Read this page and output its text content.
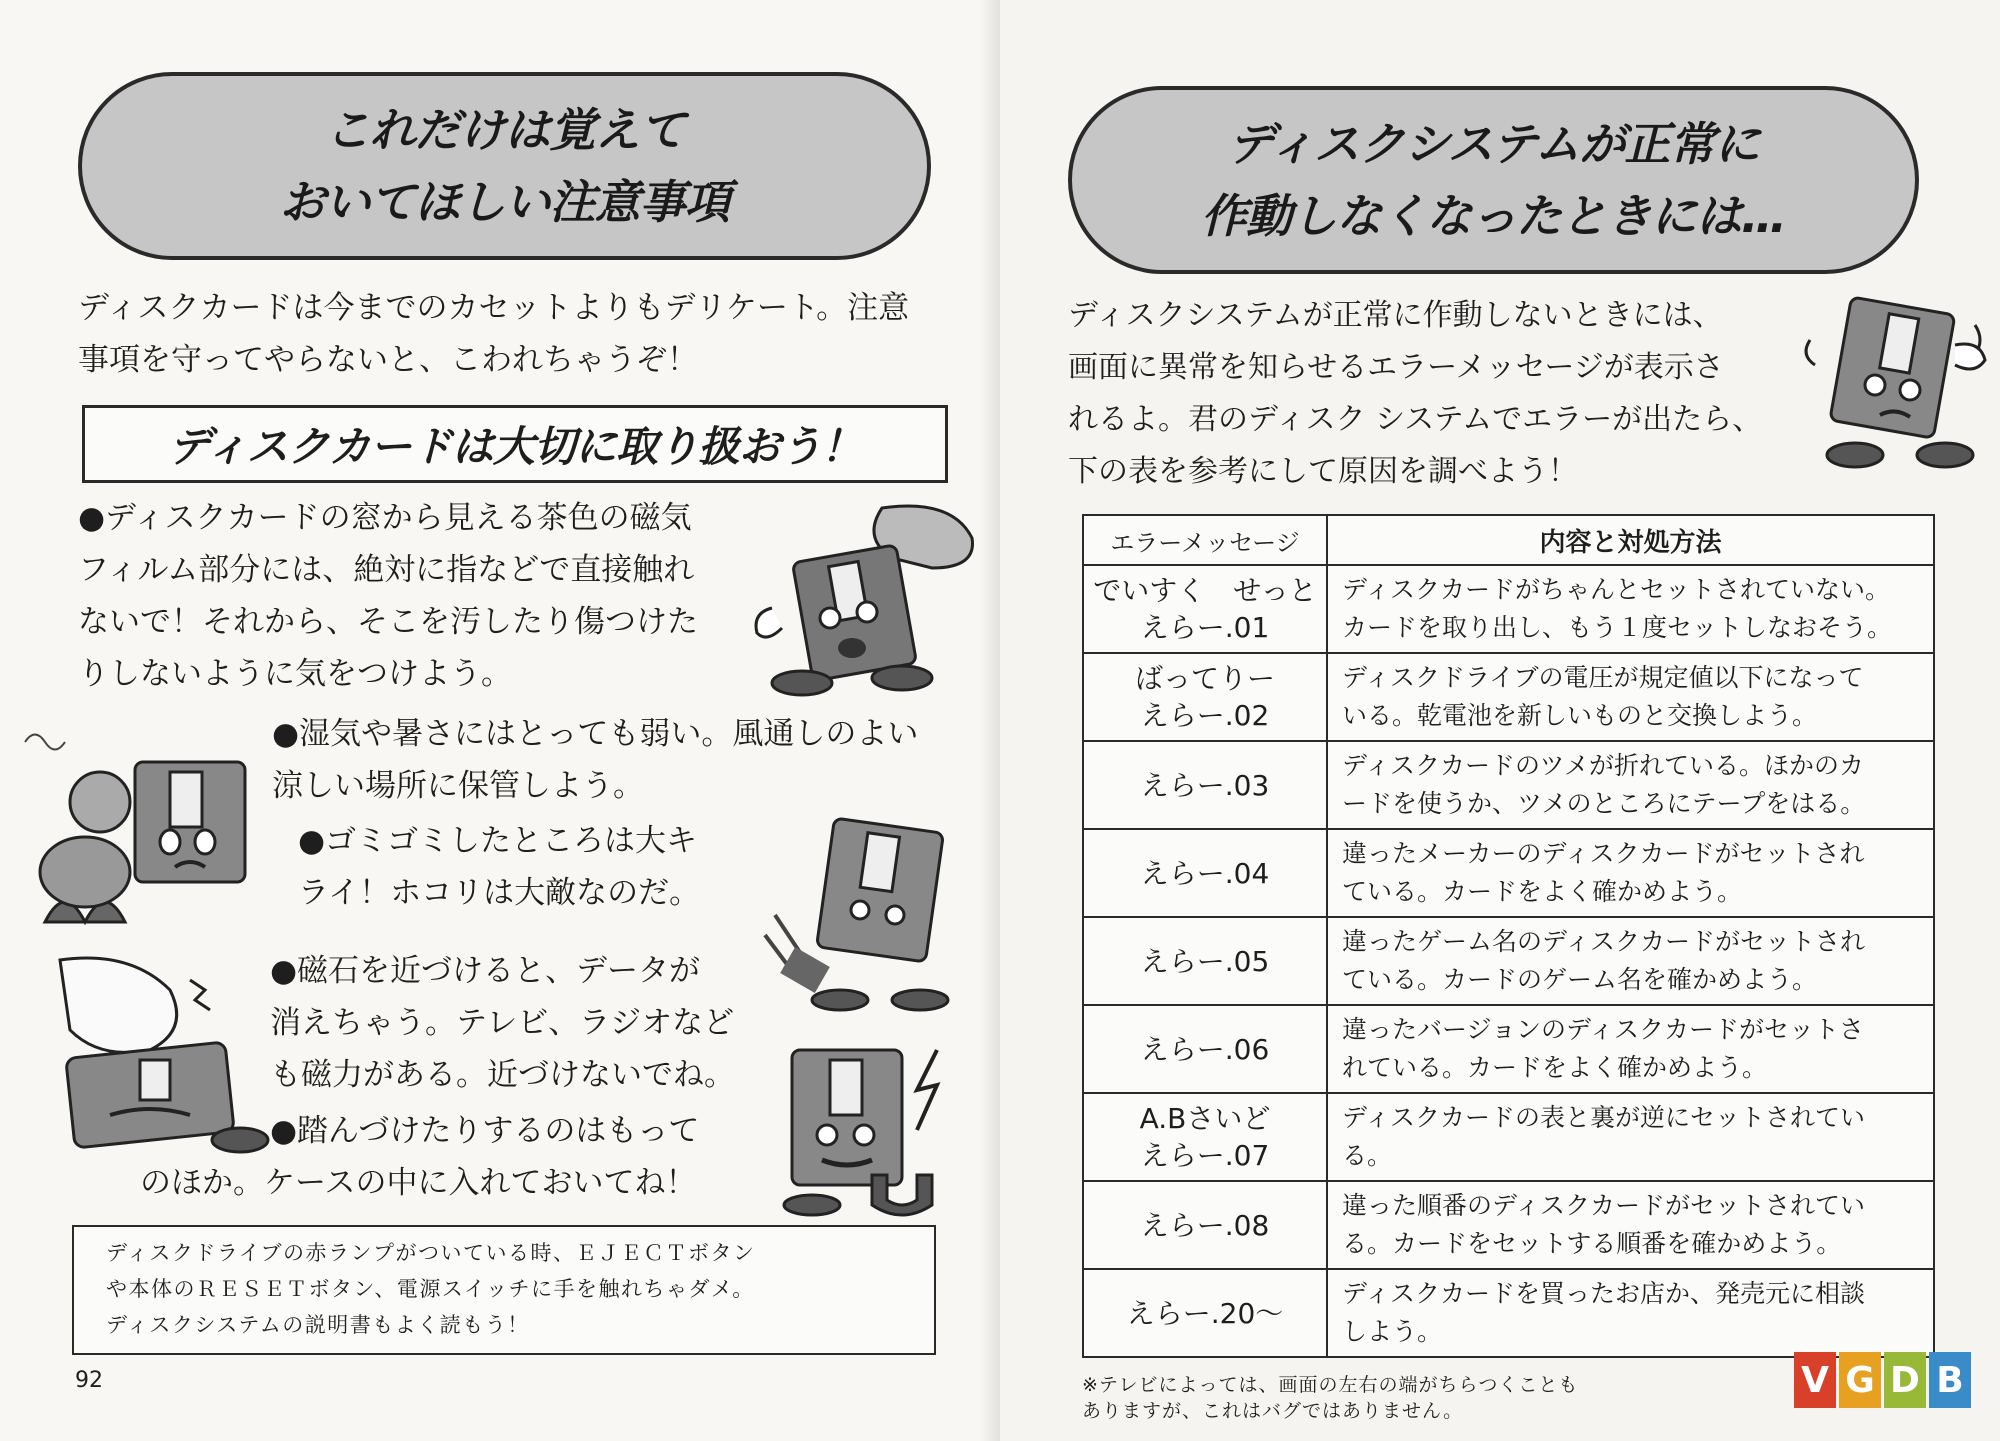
これだけは覚えて
おいてほしい注意事項
ディスクカードは今までのカセットよりもデリケート。注意
事項を守ってやらないと、こわれちゃうぞ！
ディスクカードは大切に取り扱おう！
●ディスクカードの窓から見える茶色の磁気
フィルム部分には、絶対に指などで直接触れ
ないで！それから、そこを汚したり傷つけた
りしないように気をつけよう。
●湿気や暑さにはとっても弱い。風通しのよい
涼しい場所に保管しよう。
●ゴミゴミしたところは大キ
ライ！ホコリは大敵なのだ。
●磁石を近づけると、データが
消えちゃう。テレビ、ラジオなど
も磁力がある。近づけないでね。
●踏んづけたりするのはもって
のほか。ケースの中に入れておいてね！
ディスクドライブの赤ランプがついている時、ＥＪＥＣＴボタン
や本体のＲＥＳＥＴボタン、電源スイッチに手を触れちゃダメ。
ディスクシステムの説明書もよく読もう！
92
ディスクシステムが正常に
作動しなくなったときには…
ディスクシステムが正常に作動しないときには、
画面に異常を知らせるエラーメッセージが表示さ
れるよ。君のディスク システムでエラーが出たら、
下の表を参考にして原因を調べよう！
エラーメッセージ	内容と対処方法

でいすく　せっと
えらー.01	ディスクカードがちゃんとセットされていない。
カードを取り出し、もう１度セットしなおそう。

ばってりー
えらー.02	ディスクドライブの電圧が規定値以下になって
いる。乾電池を新しいものと交換しよう。

えらー.03	ディスクカードのツメが折れている。ほかのカ
ードを使うか、ツメのところにテープをはる。

えらー.04	違ったメーカーのディスクカードがセットされ
ている。カードをよく確かめよう。

えらー.05	違ったゲーム名のディスクカードがセットされ
ている。カードのゲーム名を確かめよう。

えらー.06	違ったバージョンのディスクカードがセットさ
れている。カードをよく確かめよう。

A.Bさいど
えらー.07	ディスクカードの表と裏が逆にセットされてい
る。

えらー.08	違った順番のディスクカードがセットされてい
る。カードをセットする順番を確かめよう。

えらー.20～	ディスクカードを買ったお店か、発売元に相談
しよう。
※テレビによっては、画面の左右の端がちらつくことも
ありますが、これはバグではありません。
V G D B
